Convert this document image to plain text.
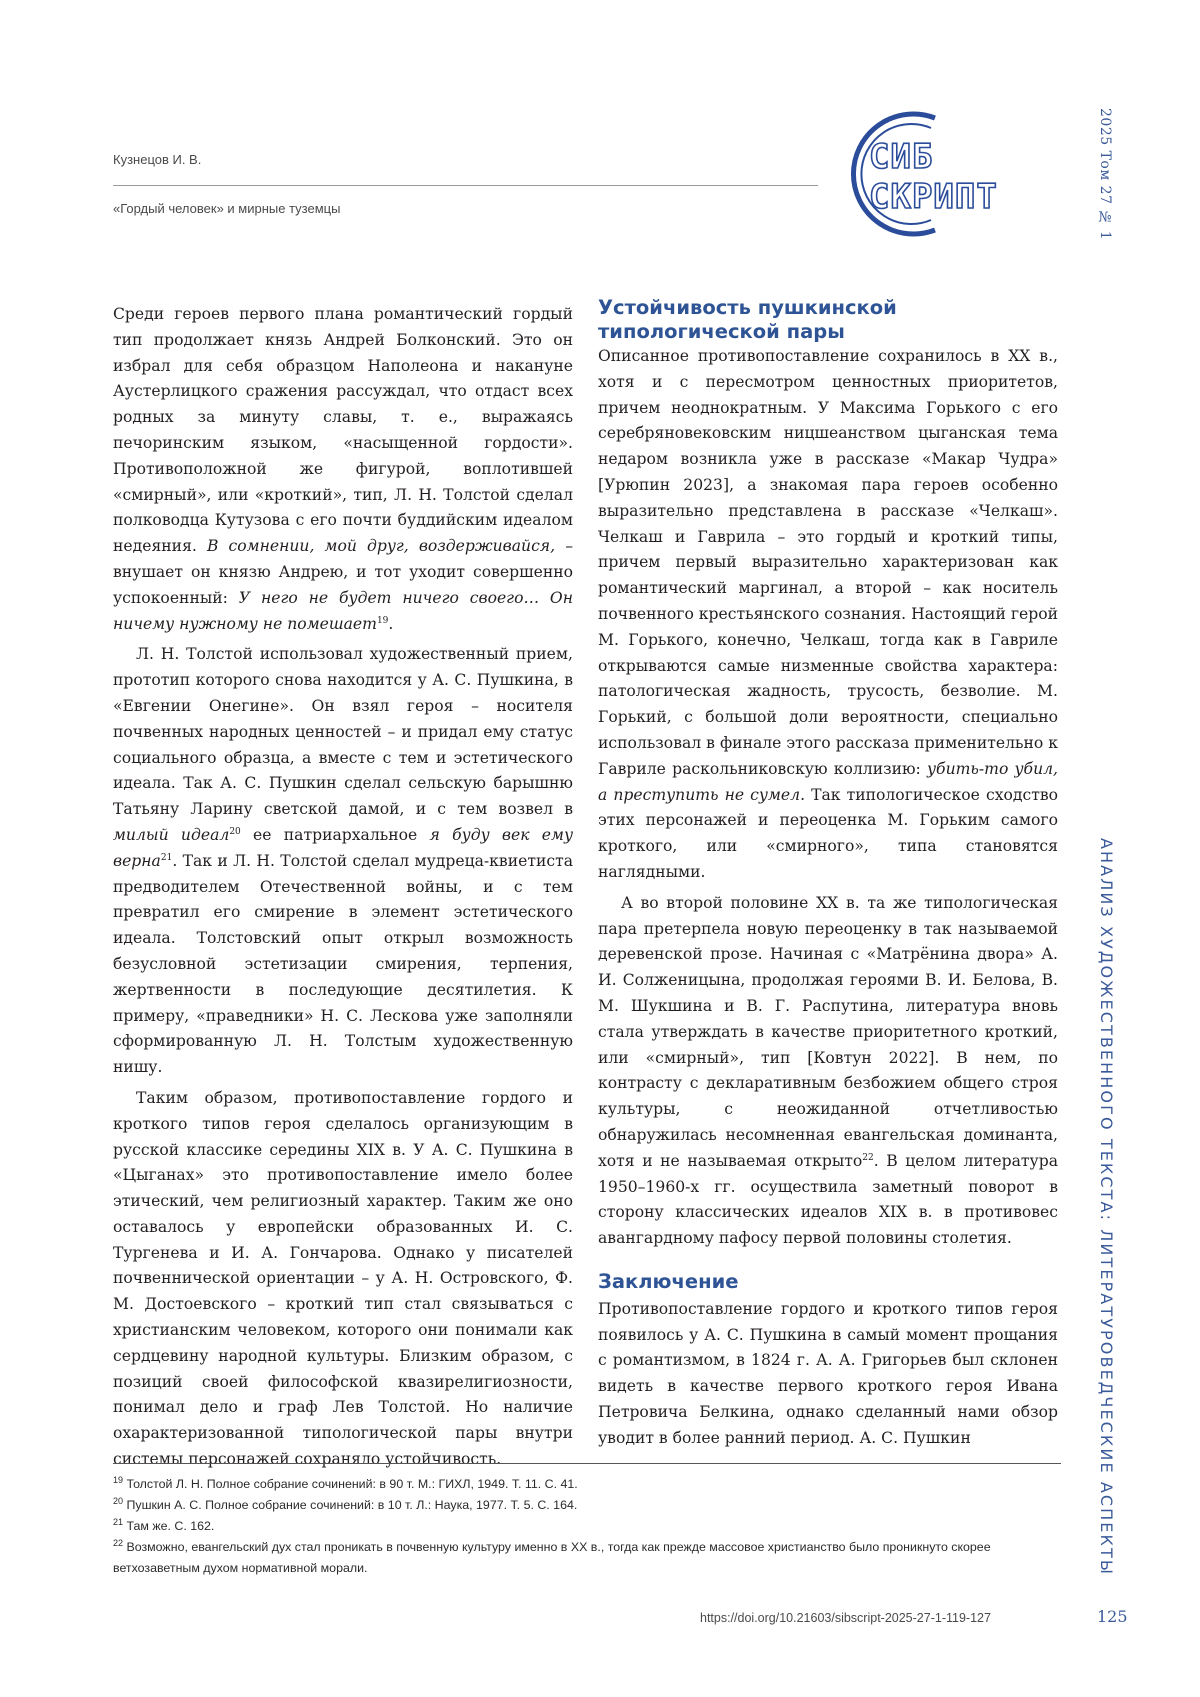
Кузнецов И. В.
«Гордый человек» и мирные туземцы
СИБ
СКРИПТ	2025 Том 27 № 1
АНАЛИЗ ХУДОЖЕСТВЕННОГО ТЕКСТА: ЛИТЕРАТУРОВЕДЧЕСКИЕ АСПЕКТЫ

Среди героев первого плана романтический гордый тип продолжает князь Андрей Болконский. Это он избрал для себя образцом Наполеона и накануне Аустерлицкого сражения рассуждал, что отдаст всех родных за минуту славы, т. е., выражаясь печоринским языком, «насыщенной гордости». Противоположной же фигурой, воплотившей «смирный», или «кроткий», тип, Л. Н. Толстой сделал полководца Кутузова с его почти буддийским идеалом недеяния. В сомнении, мой друг, воздерживайся, – внушает он князю Андрею, и тот уходит совершенно успокоенный: У него не будет ничего своего… Он ничему нужному не помешает$^{19}$.

Л. Н. Толстой использовал художественный прием, прототип которого снова находится у А. С. Пушкина, в «Евгении Онегине». Он взял героя – носителя почвенных народных ценностей – и придал ему статус социального образца, а вместе с тем и эстетического идеала. Так А. С. Пушкин сделал сельскую барышню Татьяну Ларину светской дамой, и с тем возвел в милый идеал$^{20}$ ее патриархальное я буду век ему верна$^{21}$. Так и Л. Н. Толстой сделал мудреца-квиетиста предводителем Отечественной войны, и с тем превратил его смирение в элемент эстетического идеала. Толстовский опыт открыл возможность безусловной эстетизации смирения, терпения, жертвенности в последующие десятилетия. К примеру, «праведники» Н. С. Лескова уже заполняли сформированную Л. Н. Толстым художественную нишу.

Таким образом, противопоставление гордого и кроткого типов героя сделалось организующим в русской классике середины XIX в. У А. С. Пушкина в «Цыганах» это противопоставление имело более этический, чем религиозный характер. Таким же оно оставалось у европейски образованных И. С. Тургенева и И. А. Гончарова. Однако у писателей почвеннической ориентации – у А. Н. Островского, Ф. М. Достоевского – кроткий тип стал связываться с христианским человеком, которого они понимали как сердцевину народной культуры. Близким образом, с позиций своей философской квазирелигиозности, понимал дело и граф Лев Толстой. Но наличие охарактеризованной типологической пары внутри системы персонажей сохраняло устойчивость.

Устойчивость пушкинской типологической пары

Описанное противопоставление сохранилось в XX в., хотя и с пересмотром ценностных приоритетов, причем неоднократным. У Максима Горького с его серебряновековским ницшеанством цыганская тема недаром возникла уже в рассказе «Макар Чудра» [Урюпин 2023], а знакомая пара героев особенно выразительно представлена в рассказе «Челкаш». Челкаш и Гаврила – это гордый и кроткий типы, причем первый выразительно характеризован как романтический маргинал, а второй – как носитель почвенного крестьянского сознания. Настоящий герой М. Горького, конечно, Челкаш, тогда как в Гавриле открываются самые низменные свойства характера: патологическая жадность, трусость, безволие. М. Горький, с большой доли вероятности, специально использовал в финале этого рассказа применительно к Гавриле раскольниковскую коллизию: убить-то убил, а преступить не сумел. Так типологическое сходство этих персонажей и переоценка М. Горьким самого кроткого, или «смирного», типа становятся наглядными.

А во второй половине XX в. та же типологическая пара претерпела новую переоценку в так называемой деревенской прозе. Начиная с «Матрёнина двора» А. И. Солженицына, продолжая героями В. И. Белова, В. М. Шукшина и В. Г. Распутина, литература вновь стала утверждать в качестве приоритетного кроткий, или «смирный», тип [Ковтун 2022]. В нем, по контрасту с декларативным безбожием общего строя культуры, с неожиданной отчетливостью обнаружилась несомненная евангельская доминанта, хотя и не называемая открыто$^{22}$. В целом литература 1950–1960-х гг. осуществила заметный поворот в сторону классических идеалов XIX в. в противовес авангардному пафосу первой половины столетия.

Заключение

Противопоставление гордого и кроткого типов героя появилось у А. С. Пушкина в самый момент прощания с романтизмом, в 1824 г. А. А. Григорьев был склонен видеть в качестве первого кроткого героя Ивана Петровича Белкина, однако сделанный нами обзор уводит в более ранний период. А. С. Пушкин

$^{19}$ Толстой Л. Н. Полное собрание сочинений: в 90 т. М.: ГИХЛ, 1949. Т. 11. С. 41.
$^{20}$ Пушкин А. С. Полное собрание сочинений: в 10 т. Л.: Наука, 1977. Т. 5. С. 164.
$^{21}$ Там же. С. 162.
$^{22}$ Возможно, евангельский дух стал проникать в почвенную культуру именно в XX в., тогда как прежде массовое христианство было проникнуто скорее ветхозаветным духом нормативной морали.
https://doi.org/10.21603/sibscript-2025-27-1-119-127	125
